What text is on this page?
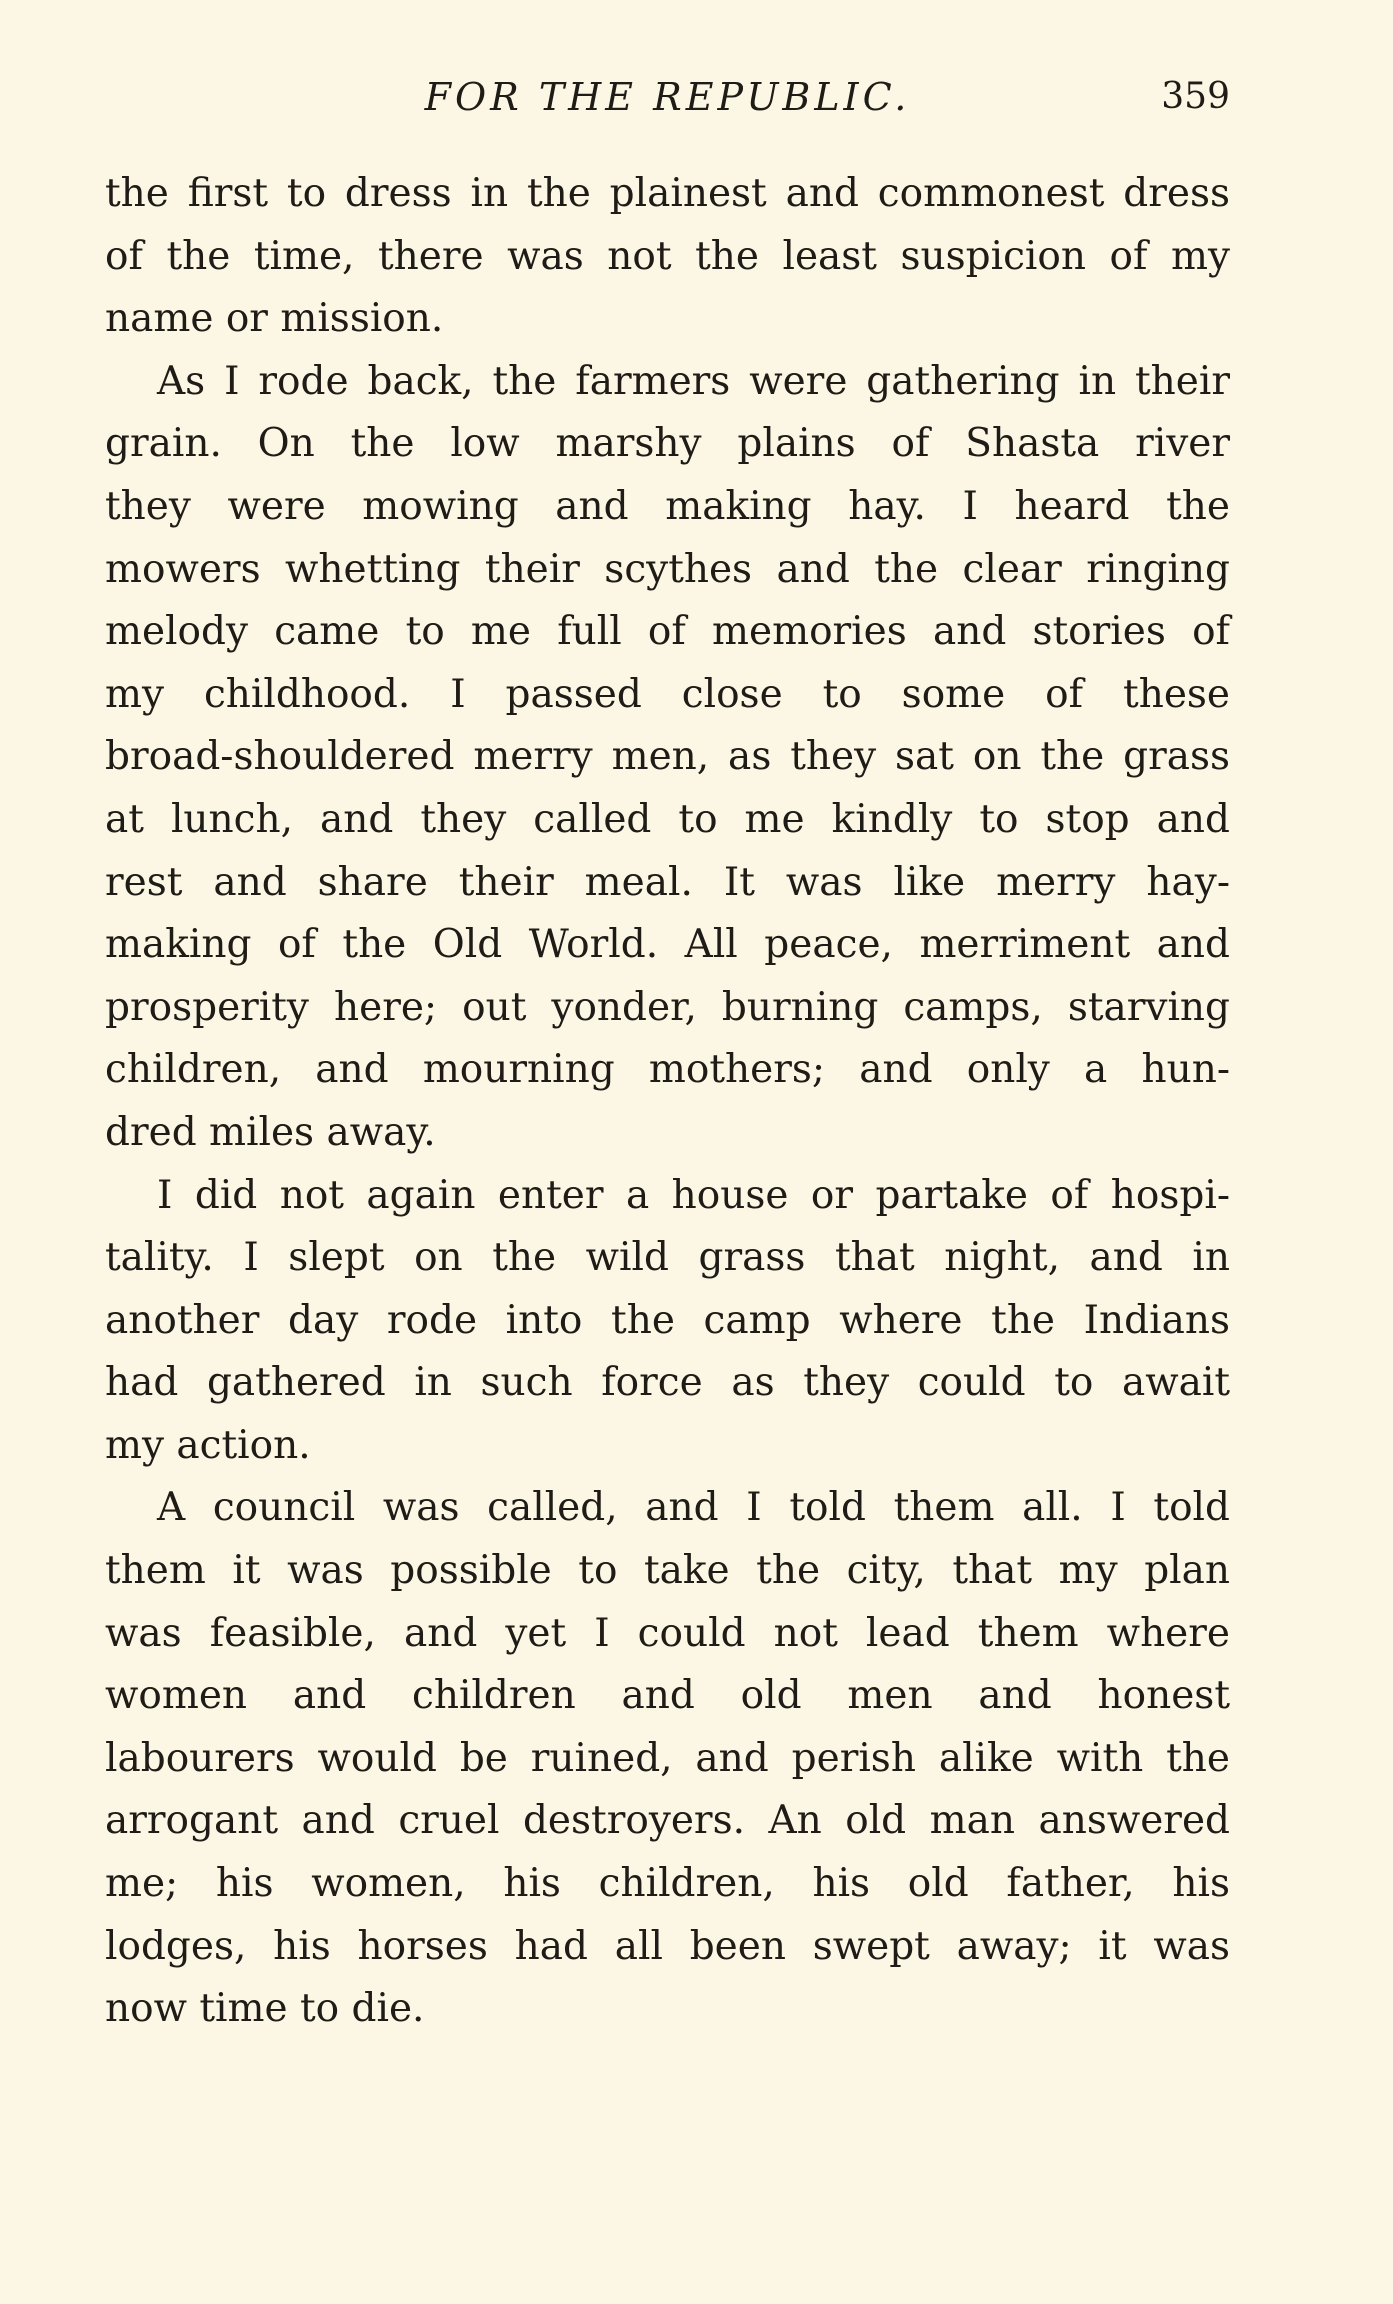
FOR THE REPUBLIC.	359
the first to dress in the plainest and commonest dress
of the time, there was not the least suspicion of my
name or mission.
As I rode back, the farmers were gathering in their
grain. On the low marshy plains of Shasta river
they were mowing and making hay. I heard the
mowers whetting their scythes and the clear ringing
melody came to me full of memories and stories of
my childhood. I passed close to some of these
broad-shouldered merry men, as they sat on the grass
at lunch, and they called to me kindly to stop and
rest and share their meal. It was like merry hay-
making of the Old World. All peace, merriment and
prosperity here; out yonder, burning camps, starving
children, and mourning mothers; and only a hun-
dred miles away.
I did not again enter a house or partake of hospi-
tality. I slept on the wild grass that night, and in
another day rode into the camp where the Indians
had gathered in such force as they could to await
my action.
A council was called, and I told them all. I told
them it was possible to take the city, that my plan
was feasible, and yet I could not lead them where
women and children and old men and honest
labourers would be ruined, and perish alike with the
arrogant and cruel destroyers. An old man answered
me; his women, his children, his old father, his
lodges, his horses had all been swept away; it was
now time to die.
